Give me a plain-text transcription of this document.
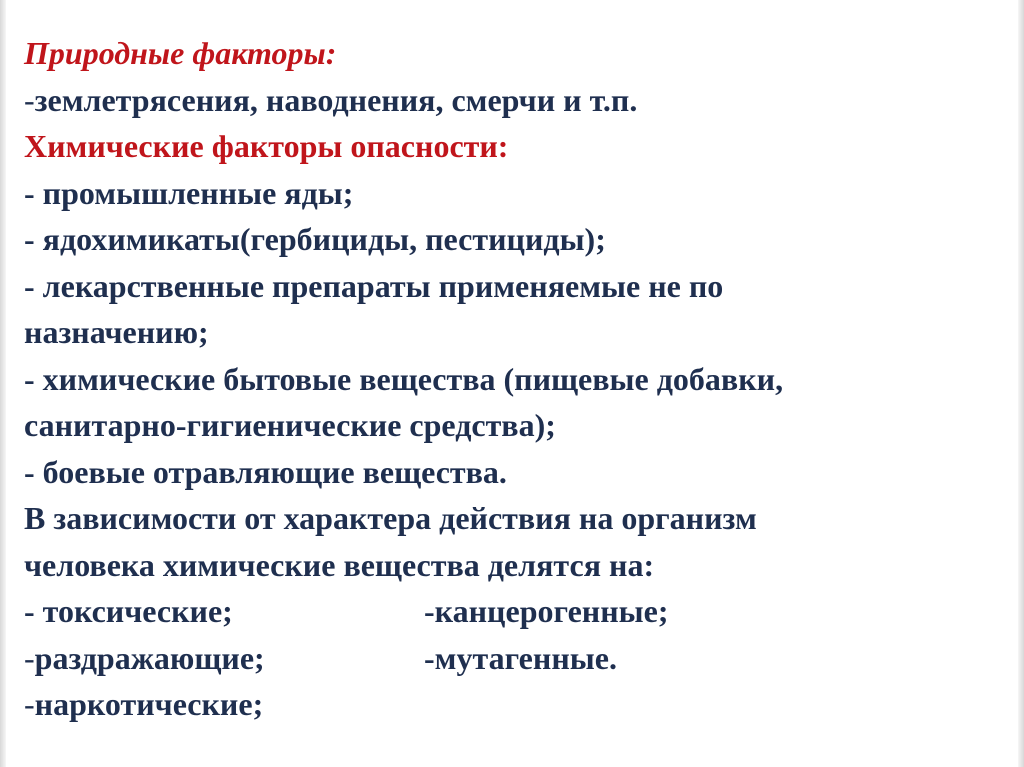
Природные факторы:
-землетрясения, наводнения, смерчи и т.п.
Химические факторы опасности:
- промышленные яды;
- ядохимикаты(гербициды, пестициды);
- лекарственные препараты применяемые не по
назначению;
- химические бытовые вещества (пищевые добавки,
санитарно-гигиенические средства);
- боевые отравляющие вещества.
В зависимости от характера действия на организм
человека химические вещества делятся на:
- токсические;	-канцерогенные;
-раздражающие;	-мутагенные.
-наркотические;
